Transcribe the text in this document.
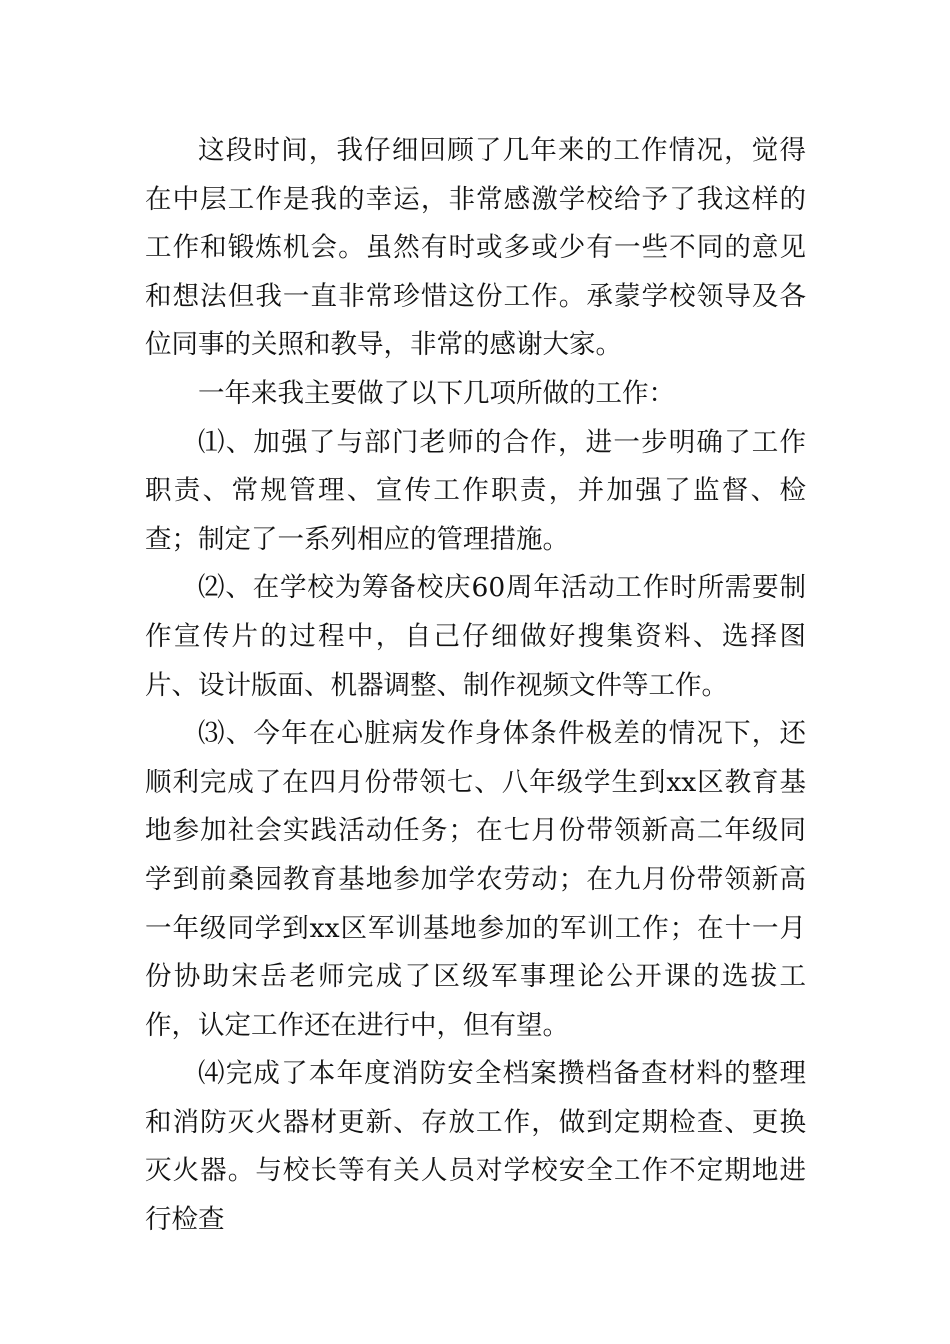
这段时间，我仔细回顾了几年来的工作情况，觉得在中层工作是我的幸运，非常感激学校给予了我这样的工作和锻炼机会。虽然有时或多或少有一些不同的意见和想法但我一直非常珍惜这份工作。承蒙学校领导及各位同事的关照和教导，非常的感谢大家。

一年来我主要做了以下几项所做的工作：

⑴、加强了与部门老师的合作，进一步明确了工作职责、常规管理、宣传工作职责，并加强了监督、检查；制定了一系列相应的管理措施。

⑵、在学校为筹备校庆60周年活动工作时所需要制作宣传片的过程中，自己仔细做好搜集资料、选择图片、设计版面、机器调整、制作视频文件等工作。

⑶、今年在心脏病发作身体条件极差的情况下，还顺利完成了在四月份带领七、八年级学生到xx区教育基地参加社会实践活动任务；在七月份带领新高二年级同学到前桑园教育基地参加学农劳动；在九月份带领新高一年级同学到xx区军训基地参加的军训工作；在十一月份协助宋岳老师完成了区级军事理论公开课的选拔工作，认定工作还在进行中，但有望。

⑷完成了本年度消防安全档案攒档备查材料的整理和消防灭火器材更新、存放工作，做到定期检查、更换灭火器。与校长等有关人员对学校安全工作不定期地进行检查
